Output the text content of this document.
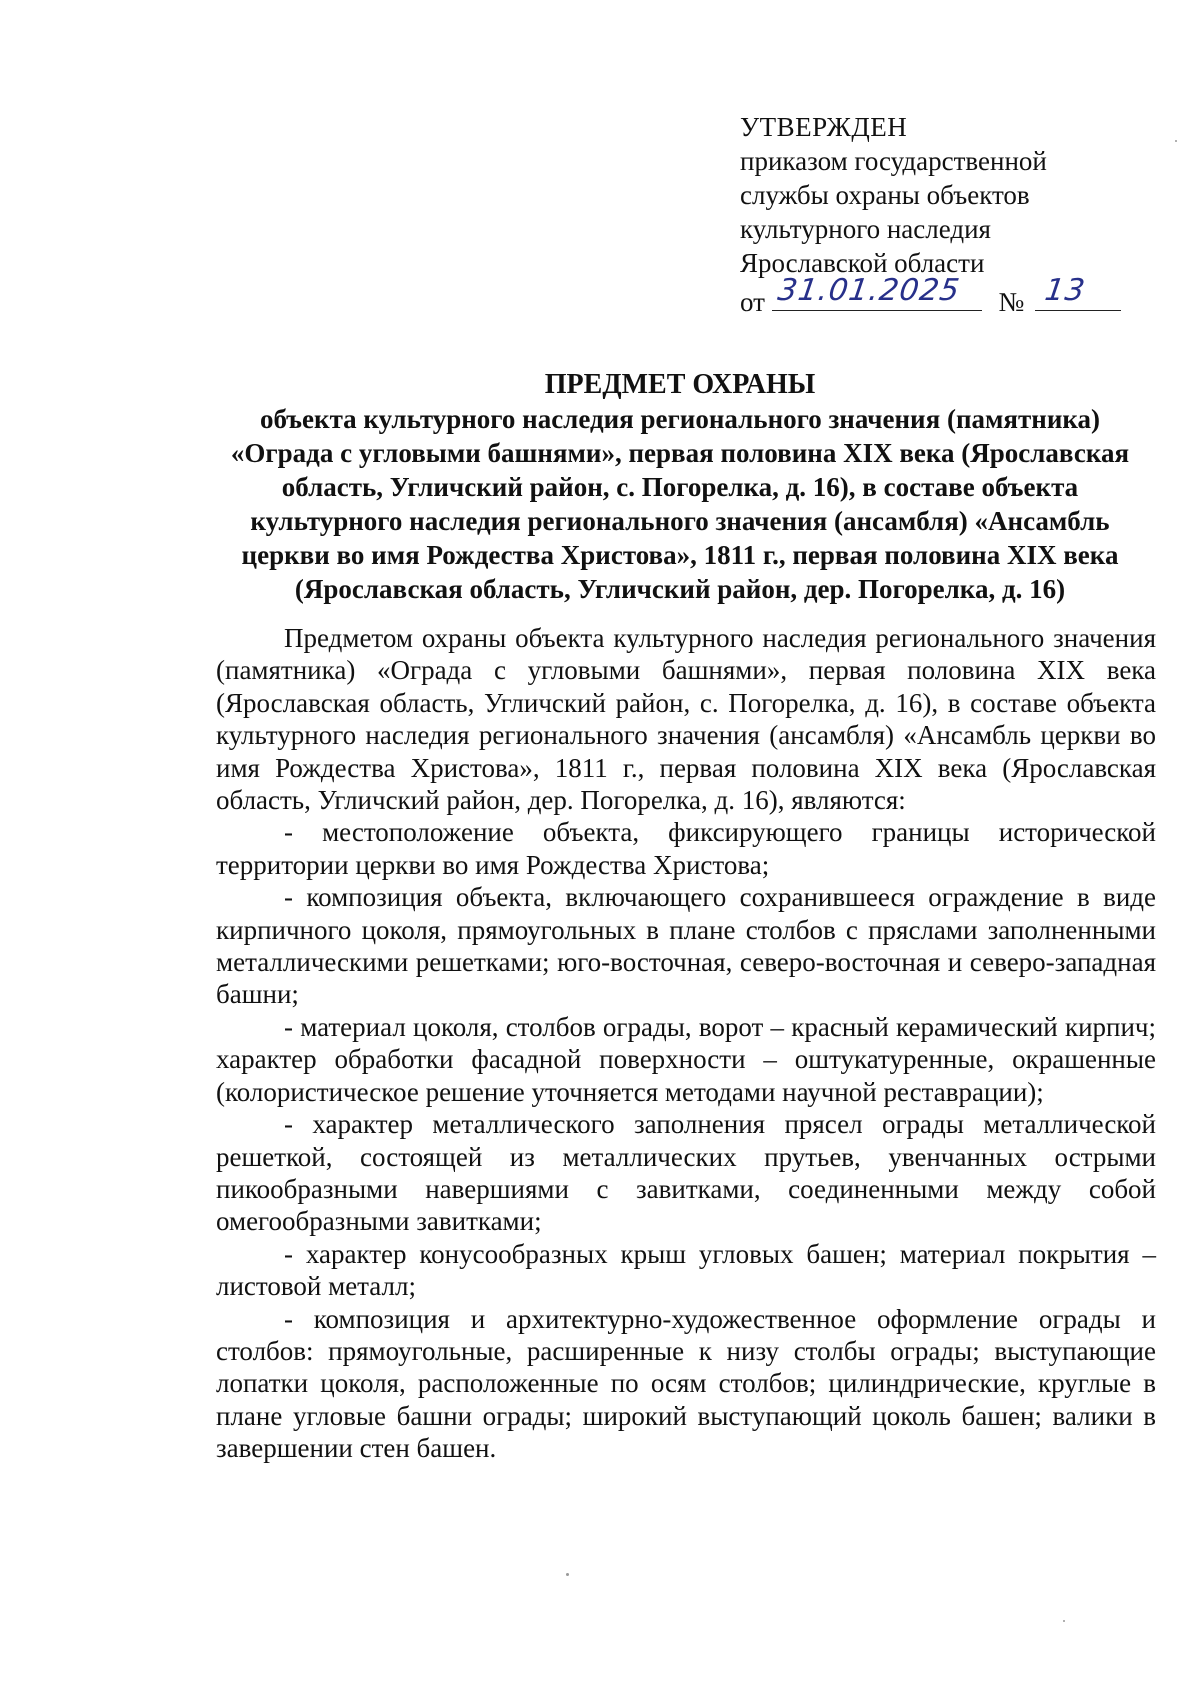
УТВЕРЖДЕН
приказом государственной
службы охраны объектов
культурного наследия
Ярославской области
от 31.01.2025 № 13
ПРЕДМЕТ ОХРАНЫ
объекта культурного наследия регионального значения (памятника)
«Ограда с угловыми башнями», первая половина XIX века (Ярославская
область, Угличский район, с. Погорелка, д. 16), в составе объекта
культурного наследия регионального значения (ансамбля) «Ансамбль
церкви во имя Рождества Христова», 1811 г., первая половина XIX века
(Ярославская область, Угличский район, дер. Погорелка, д. 16)

Предметом охраны объекта культурного наследия регионального значения (памятника) «Ограда с угловыми башнями», первая половина XIX века (Ярославская область, Угличский район, с. Погорелка, д. 16), в составе объекта культурного наследия регионального значения (ансамбля) «Ансамбль церкви во имя Рождества Христова», 1811 г., первая половина XIX века (Ярославская область, Угличский район, дер. Погорелка, д. 16), являются:

- местоположение объекта, фиксирующего границы исторической территории церкви во имя Рождества Христова;

- композиция объекта, включающего сохранившееся ограждение в виде кирпичного цоколя, прямоугольных в плане столбов с пряслами заполненными металлическими решетками; юго-восточная, северо-восточная и северо-западная башни;

- материал цоколя, столбов ограды, ворот – красный керамический кирпич; характер обработки фасадной поверхности – оштукатуренные, окрашенные (колористическое решение уточняется методами научной реставрации);

- характер металлического заполнения прясел ограды металлической решеткой, состоящей из металлических прутьев, увенчанных острыми пикообразными навершиями с завитками, соединенными между собой омегообразными завитками;

- характер конусообразных крыш угловых башен; материал покрытия – листовой металл;

- композиция и архитектурно-художественное оформление ограды и столбов: прямоугольные, расширенные к низу столбы ограды; выступающие лопатки цоколя, расположенные по осям столбов; цилиндрические, круглые в плане угловые башни ограды; широкий выступающий цоколь башен; валики в завершении стен башен.
